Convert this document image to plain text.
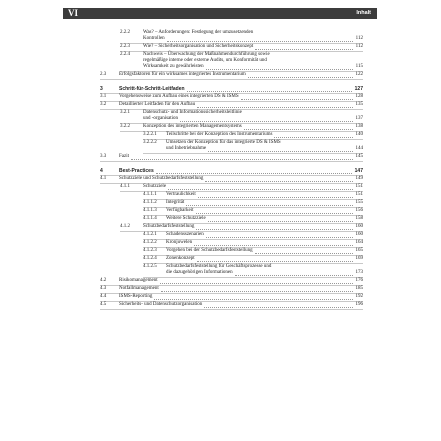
VI	Inhalt
2.2.2	Was? – Anforderungen: Festlegung der umzusetzenden
Kontrollen	112
2.2.3	Wie? – Sicherheitsorganisation und Sicherheitskonzept	112
2.2.4	Nachweis – Überwachung der Maßnahmendurchführung sowie
regelmäßige interne oder externe Audits, um Konformität und
Wirksamkeit zu gewährleisten	115
2.3	Erfolgsfaktoren für ein wirksames integriertes Instrumentarium	122
3	Schritt-für-Schritt-Leitfaden	127
3.1	Vorgehensweise zum Aufbau eines integrierten DS & ISMS	128
3.2	Detaillierter Leitfaden für den Aufbau	135
3.2.1	Datenschutz- und Informationssicherheitsleitlinie
und -organisation	137
3.2.2	Konzeption des integrierten Managementsystems	138
3.2.2.1 Teilschritte bei der Konzeption des Instrumentariums	140
3.2.2.2 Umsetzen der Konzeption für das integrierte DS & ISMS
und Inbetriebnahme	144
3.3	Fazit	145
4	Best-Practices	147
4.1	Schutzziele und Schutzbedarfsfeststellung	149
4.1.1	Schutzziele	151
4.1.1.1 Vertraulichkeit	151
4.1.1.2 Integrität	155
4.1.1.3 Verfügbarkeit	156
4.1.1.4 Weitere Schutzziele	158
4.1.2	Schutzbedarfsfeststellung	160
4.1.2.1 Schadensszenarien	160
4.1.2.2 Kronjuwelen	164
4.1.2.3 Vorgehen bei der Schutzbedarfsfeststellung	165
4.1.2.4 Zonenkonzept	169
4.1.2.5 Schutzbedarfsfeststellung für Geschäftsprozesse und
die dazugehörigen Informationen	173
4.2	Risikomanagement	176
4.3	Notfallmanagement	185
4.4	ISMS-Reporting	192
4.5	Sicherheits- und Datenschutzorganisation	196
